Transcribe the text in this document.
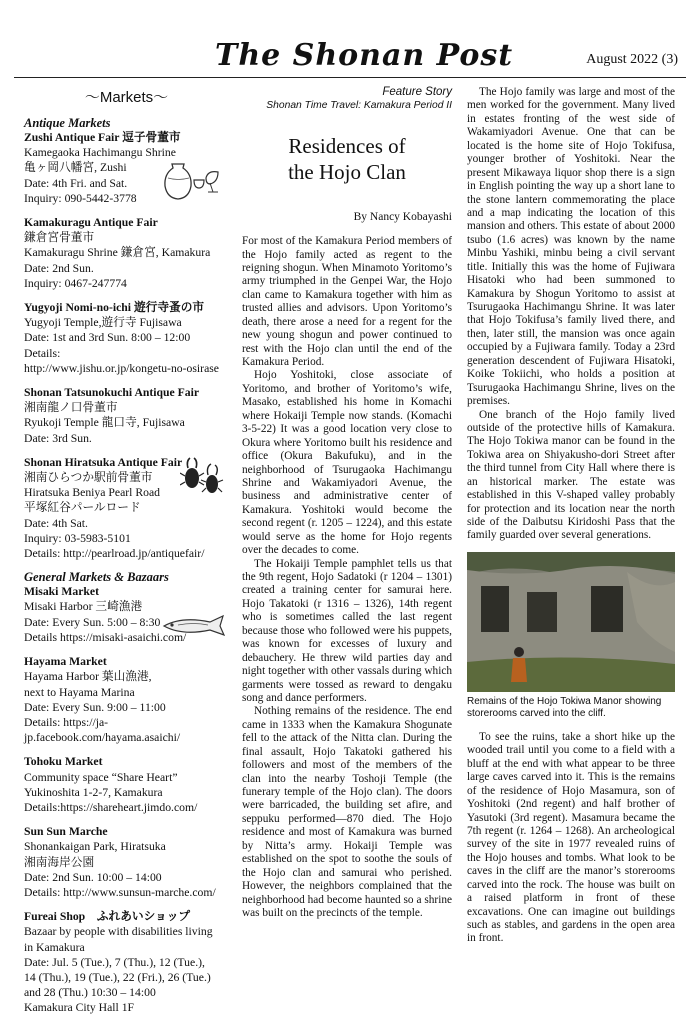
The Shonan Post	August 2022 (3)

～Markets～

Antique Markets

Zushi Antique Fair 逗子骨董市

Kamegaoka Hachimangu Shrine

亀ヶ岡八幡宮, Zushi

Date: 4th Fri. and Sat.

Inquiry: 090-5442-3778

Kamakuragu Antique Fair

鎌倉宮骨董市

Kamakuragu Shrine 鎌倉宮, Kamakura

Date: 2nd Sun.

Inquiry: 0467-247774

Yugyoji Nomi-no-ichi 遊行寺蚤の市

Yugyoji Temple,遊行寺 Fujisawa

Date: 1st and 3rd Sun. 8:00 – 12:00

Details:

http://www.jishu.or.jp/kongetu-no-osirase

Shonan Tatsunokuchi Antique Fair

湘南龍ノ口骨董市

Ryukoji Temple 龍口寺, Fujisawa

Date: 3rd Sun.

Shonan Hiratsuka Antique Fair

湘南ひらつか駅前骨董市

Hiratsuka Beniya Pearl Road

平塚紅谷パールロード

Date: 4th Sat.

Inquiry: 03-5983-5101

Details: http://pearlroad.jp/antiquefair/

General Markets & Bazaars

Misaki Market

Misaki Harbor 三崎漁港

Date: Every Sun. 5:00 – 8:30

Details https://misaki-asaichi.com/

Hayama Market

Hayama Harbor 葉山漁港,

next to Hayama Marina

Date: Every Sun. 9:00 – 11:00

Details: https://ja-

jp.facebook.com/hayama.asaichi/

Tohoku Market

Community space “Share Heart”

Yukinoshita 1-2-7, Kamakura

Details:https://shareheart.jimdo.com/

Sun Sun Marche

Shonankaigan Park, Hiratsuka

湘南海岸公園

Date: 2nd Sun. 10:00 – 14:00

Details: http://www.sunsun-marche.com/

Fureai Shop　ふれあいショップ

Bazaar by people with disabilities living

in Kamakura

Date: Jul. 5 (Tue.), 7 (Thu.), 12 (Tue.),

14 (Thu.), 19 (Tue.), 22 (Fri.), 26 (Tue.)

and 28 (Thu.) 10:30 – 14:00

Kamakura City Hall 1F

Feature Story

Shonan Time Travel: Kamakura Period II

Residences of
the Hojo Clan

By Nancy Kobayashi

For most of the Kamakura Period members of the Hojo family acted as regent to the reigning shogun. When Minamoto Yoritomo’s army triumphed in the Genpei War, the Hojo clan came to Kamakura together with him as trusted allies and advisors. Upon Yoritomo’s death, there arose a need for a regent for the new young shogun and power continued to rest with the Hojo clan until the end of the Kamakura Period.

Hojo Yoshitoki, close associate of Yoritomo, and brother of Yoritomo’s wife, Masako, established his home in Komachi where Hokaiji Temple now stands. (Komachi 3-5-22) It was a good location very close to Okura where Yoritomo built his residence and office (Okura Bakufuku), and in the neighborhood of Tsurugaoka Hachimangu Shrine and Wakamiyadori Avenue, the business and administrative center of Kamakura. Yoshitoki would become the second regent (r. 1205 – 1224), and this estate would serve as the home for Hojo regents over the decades to come.

The Hokaiji Temple pamphlet tells us that the 9th regent, Hojo Sadatoki (r 1204 – 1301) created a training center for samurai here. Hojo Takatoki (r 1316 – 1326), 14th regent who is sometimes called the last regent because those who followed were his puppets, was known for excesses of luxury and debauchery. He threw wild parties day and night together with other vassals during which garments were tossed as reward to dengaku song and dance performers.

Nothing remains of the residence. The end came in 1333 when the Kamakura Shogunate fell to the attack of the Nitta clan. During the final assault, Hojo Takatoki gathered his followers and most of the members of the clan into the nearby Toshoji Temple (the funerary temple of the Hojo clan). The doors were barricaded, the building set afire, and seppuku performed—870 died. The Hojo residence and most of Kamakura was burned by Nitta’s army. Hokaiji Temple was established on the spot to soothe the souls of the Hojo clan and samurai who perished. However, the neighbors complained that the neighborhood had become haunted so a shrine was built on the precincts of the temple.

The Hojo family was large and most of the men worked for the government. Many lived in estates fronting of the west side of Wakamiyadori Avenue. One that can be located is the home site of Hojo Tokifusa, younger brother of Yoshitoki. Near the present Mikawaya liquor shop there is a sign in English pointing the way up a short lane to the stone lantern commemorating the place and a map indicating the location of this mansion and others. This estate of about 2000 tsubo (1.6 acres) was known by the name Minbu Yashiki, minbu being a civil servant title. Initially this was the home of Fujiwara Hisatoki who had been summoned to Kamakura by Shogun Yoritomo to assist at Tsurugaoka Hachimangu Shrine. It was later that Hojo Tokifusa’s family lived there, and then, later still, the mansion was once again occupied by a Fujiwara family. Today a 23rd generation descendent of Fujiwara Hisatoki, Koike Tokiichi, who holds a position at Tsurugaoka Hachimangu Shrine, lives on the premises.

One branch of the Hojo family lived outside of the protective hills of Kamakura. The Hojo Tokiwa manor can be found in the Tokiwa area on Shiyakusho-dori Street after the third tunnel from City Hall where there is an historical marker. The estate was established in this V-shaped valley probably for protection and its location near the north side of the Daibutsu Kiridoshi Pass that the family guarded over several generations.

Remains of the Hojo Tokiwa Manor showing storerooms carved into the cliff.

To see the ruins, take a short hike up the wooded trail until you come to a field with a bluff at the end with what appear to be three large caves carved into it. This is the remains of the residence of Hojo Masamura, son of Yoshitoki (2nd regent) and half brother of Yasutoki (3rd regent). Masamura became the 7th regent (r. 1264 – 1268). An archeological survey of the site in 1977 revealed ruins of the Hojo houses and tombs. What look to be caves in the cliff are the manor’s storerooms carved into the rock. The house was built on a raised platform in front of these excavations. One can imagine out buildings such as stables, and gardens in the open area in front.
